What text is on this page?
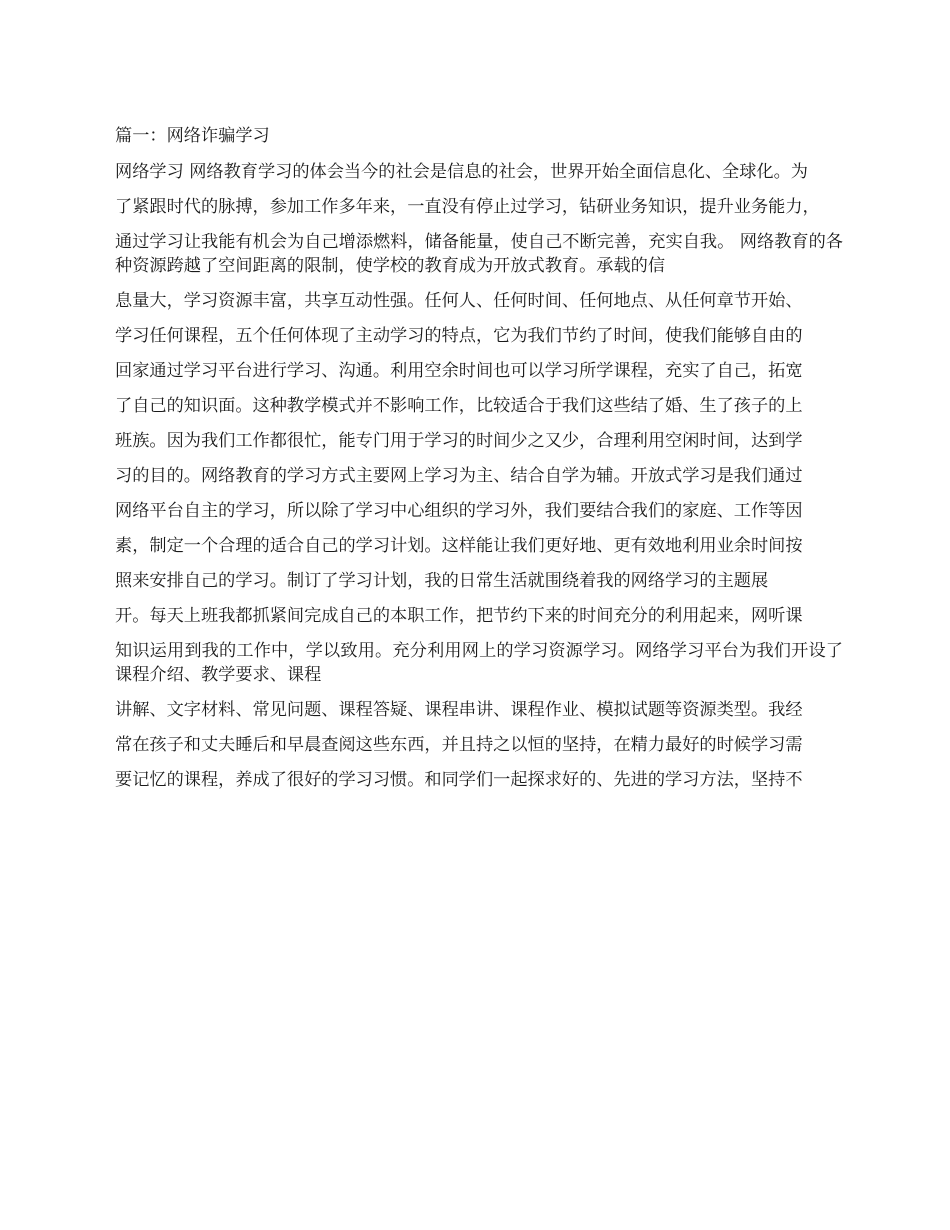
篇一：网络诈骗学习

网络学习 网络教育学习的体会当今的社会是信息的社会，世界开始全面信息化、全球化。为

了紧跟时代的脉搏，参加工作多年来，一直没有停止过学习，钻研业务知识，提升业务能力，

通过学习让我能有机会为自己增添燃料，储备能量，使自己不断完善，充实自我。 网络教育的各种资源跨越了空间距离的限制，使学校的教育成为开放式教育。承载的信

息量大，学习资源丰富，共享互动性强。任何人、任何时间、任何地点、从任何章节开始、

学习任何课程，五个任何体现了主动学习的特点，它为我们节约了时间，使我们能够自由的

回家通过学习平台进行学习、沟通。利用空余时间也可以学习所学课程，充实了自己，拓宽

了自己的知识面。这种教学模式并不影响工作，比较适合于我们这些结了婚、生了孩子的上

班族。因为我们工作都很忙，能专门用于学习的时间少之又少，合理利用空闲时间，达到学

习的目的。网络教育的学习方式主要网上学习为主、结合自学为辅。开放式学习是我们通过

网络平台自主的学习，所以除了学习中心组织的学习外，我们要结合我们的家庭、工作等因

素，制定一个合理的适合自己的学习计划。这样能让我们更好地、更有效地利用业余时间按

照来安排自己的学习。制订了学习计划，我的日常生活就围绕着我的网络学习的主题展

开。每天上班我都抓紧间完成自己的本职工作，把节约下来的时间充分的利用起来，网听课

知识运用到我的工作中，学以致用。充分利用网上的学习资源学习。网络学习平台为我们开设了课程介绍、教学要求、课程

讲解、文字材料、常见问题、课程答疑、课程串讲、课程作业、模拟试题等资源类型。我经

常在孩子和丈夫睡后和早晨查阅这些东西，并且持之以恒的坚持，在精力最好的时候学习需

要记忆的课程，养成了很好的学习习惯。和同学们一起探求好的、先进的学习方法，坚持不
